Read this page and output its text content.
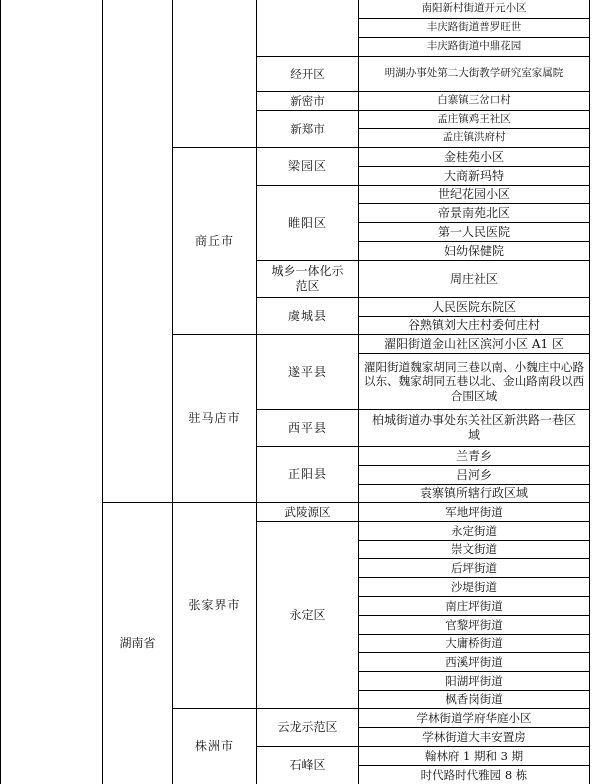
湖南省
商丘市
驻马店市
张家界市
株洲市
经开区
新密市
新郑市
梁园区
睢阳区
城乡一体化示范区
虞城县
遂平县
西平县
正阳县
武陵源区
永定区
云龙示范区
石峰区
南阳新村街道开元小区
丰庆路街道普罗旺世
丰庆路街道中鼎花园
明湖办事处第二大街教学研究室家属院
白寨镇三岔口村
孟庄镇鸡王社区
孟庄镇洪府村
金桂苑小区
大商新玛特
世纪花园小区
帝景南苑北区
第一人民医院
妇幼保健院
周庄社区
人民医院东院区
谷熟镇刘大庄村委何庄村
濯阳街道金山社区滨河小区 A1 区
濯阳街道魏家胡同三巷以南、小魏庄中心路以东、魏家胡同五巷以北、金山路南段以西合围区域
柏城街道办事处东关社区新洪路一巷区域
兰青乡
吕河乡
袁寨镇所辖行政区域
军地坪街道
永定街道
崇文街道
后坪街道
沙堤街道
南庄坪街道
官黎坪街道
大庸桥街道
西溪坪街道
阳湖坪街道
枫香岗街道
学林街道学府华庭小区
学林街道大丰安置房
翰林府 1 期和 3 期
时代路时代雅园 8 栋
